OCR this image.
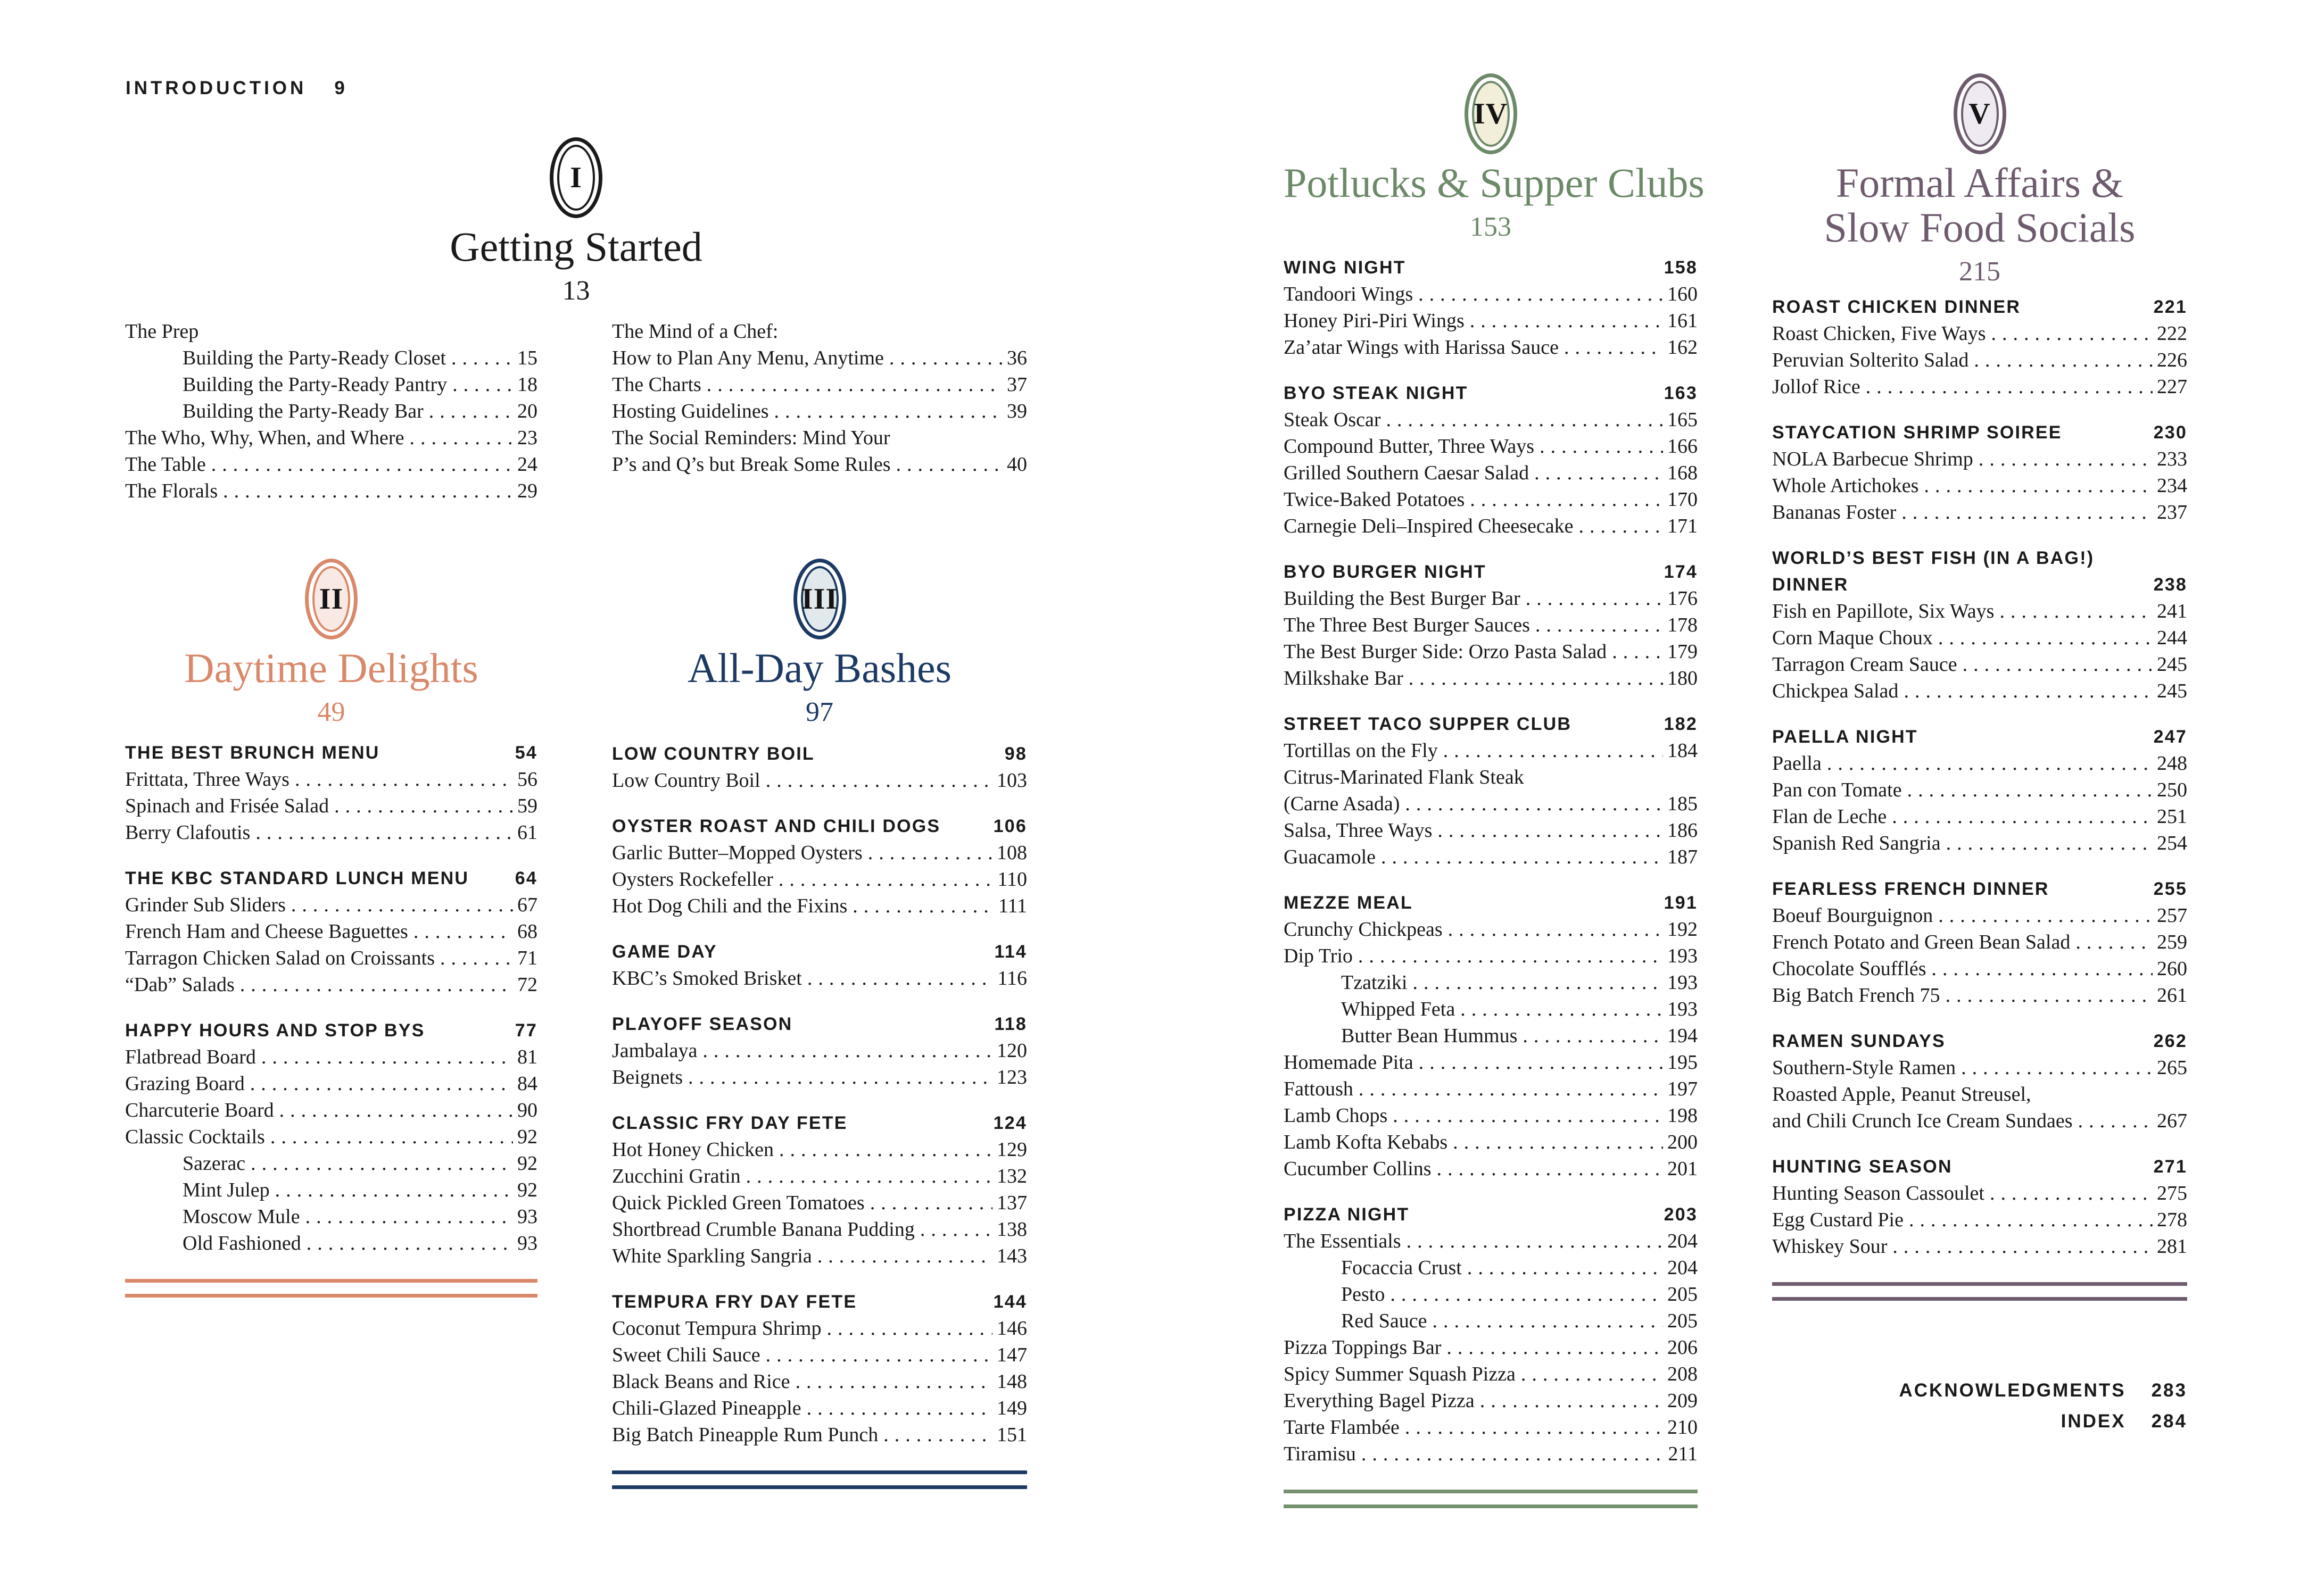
INTRODUCTION 9
I
Getting Started
13
The Prep
Building the Party-Ready Closet .....	15
Building the Party-Ready Pantry .....	18
Building the Party-Ready Bar .....	20
The Who, Why, When, and Where .....	23
The Table .....	24
The Florals .....	29
The Mind of a Chef:
How to Plan Any Menu, Anytime .....	36
The Charts .....	37
Hosting Guidelines .....	39
The Social Reminders: Mind Your
P’s and Q’s but Break Some Rules .....	40
II
Daytime Delights
49
III
All-Day Bashes
97
THE BEST BRUNCH MENU	54
Frittata, Three Ways .....	56
Spinach and Frisée Salad .....	59
Berry Clafoutis .....	61
THE KBC STANDARD LUNCH MENU	64
Grinder Sub Sliders .....	67
French Ham and Cheese Baguettes .....	68
Tarragon Chicken Salad on Croissants .....	71
“Dab” Salads .....	72
HAPPY HOURS AND STOP BYS	77
Flatbread Board .....	81
Grazing Board .....	84
Charcuterie Board .....	90
Classic Cocktails .....	92
Sazerac .....	92
Mint Julep .....	92
Moscow Mule .....	93
Old Fashioned .....	93
LOW COUNTRY BOIL	98
Low Country Boil .....	103
OYSTER ROAST AND CHILI DOGS	106
Garlic Butter–Mopped Oysters .....	108
Oysters Rockefeller .....	110
Hot Dog Chili and the Fixins .....	111
GAME DAY	114
KBC’s Smoked Brisket .....	116
PLAYOFF SEASON	118
Jambalaya .....	120
Beignets .....	123
CLASSIC FRY DAY FETE	124
Hot Honey Chicken .....	129
Zucchini Gratin .....	132
Quick Pickled Green Tomatoes .....	137
Shortbread Crumble Banana Pudding .....	138
White Sparkling Sangria .....	143
TEMPURA FRY DAY FETE	144
Coconut Tempura Shrimp .....	146
Sweet Chili Sauce .....	147
Black Beans and Rice .....	148
Chili-Glazed Pineapple .....	149
Big Batch Pineapple Rum Punch .....	151
IV
Potlucks & Supper Clubs
153
WING NIGHT	158
Tandoori Wings .....	160
Honey Piri-Piri Wings .....	161
Za’atar Wings with Harissa Sauce .....	162
BYO STEAK NIGHT	163
Steak Oscar .....	165
Compound Butter, Three Ways .....	166
Grilled Southern Caesar Salad .....	168
Twice-Baked Potatoes .....	170
Carnegie Deli–Inspired Cheesecake .....	171
BYO BURGER NIGHT	174
Building the Best Burger Bar .....	176
The Three Best Burger Sauces .....	178
The Best Burger Side: Orzo Pasta Salad .....	179
Milkshake Bar .....	180
STREET TACO SUPPER CLUB	182
Tortillas on the Fly .....	184
Citrus-Marinated Flank Steak
(Carne Asada) .....	185
Salsa, Three Ways .....	186
Guacamole .....	187
MEZZE MEAL	191
Crunchy Chickpeas .....	192
Dip Trio .....	193
Tzatziki .....	193
Whipped Feta .....	193
Butter Bean Hummus .....	194
Homemade Pita .....	195
Fattoush .....	197
Lamb Chops .....	198
Lamb Kofta Kebabs .....	200
Cucumber Collins .....	201
PIZZA NIGHT	203
The Essentials .....	204
Focaccia Crust .....	204
Pesto .....	205
Red Sauce .....	205
Pizza Toppings Bar .....	206
Spicy Summer Squash Pizza .....	208
Everything Bagel Pizza .....	209
Tarte Flambée .....	210
Tiramisu .....	211
V
Formal Affairs &
Slow Food Socials
215
ROAST CHICKEN DINNER	221
Roast Chicken, Five Ways .....	222
Peruvian Solterito Salad .....	226
Jollof Rice .....	227
STAYCATION SHRIMP SOIREE	230
NOLA Barbecue Shrimp .....	233
Whole Artichokes .....	234
Bananas Foster .....	237
WORLD’S BEST FISH (IN A BAG!)
DINNER	238
Fish en Papillote, Six Ways .....	241
Corn Maque Choux .....	244
Tarragon Cream Sauce .....	245
Chickpea Salad .....	245
PAELLA NIGHT	247
Paella .....	248
Pan con Tomate .....	250
Flan de Leche .....	251
Spanish Red Sangria .....	254
FEARLESS FRENCH DINNER	255
Boeuf Bourguignon .....	257
French Potato and Green Bean Salad .....	259
Chocolate Soufflés .....	260
Big Batch French 75 .....	261
RAMEN SUNDAYS	262
Southern-Style Ramen .....	265
Roasted Apple, Peanut Streusel,
and Chili Crunch Ice Cream Sundaes .....	267
HUNTING SEASON	271
Hunting Season Cassoulet .....	275
Egg Custard Pie .....	278
Whiskey Sour .....	281
ACKNOWLEDGMENTS 283
INDEX 284
